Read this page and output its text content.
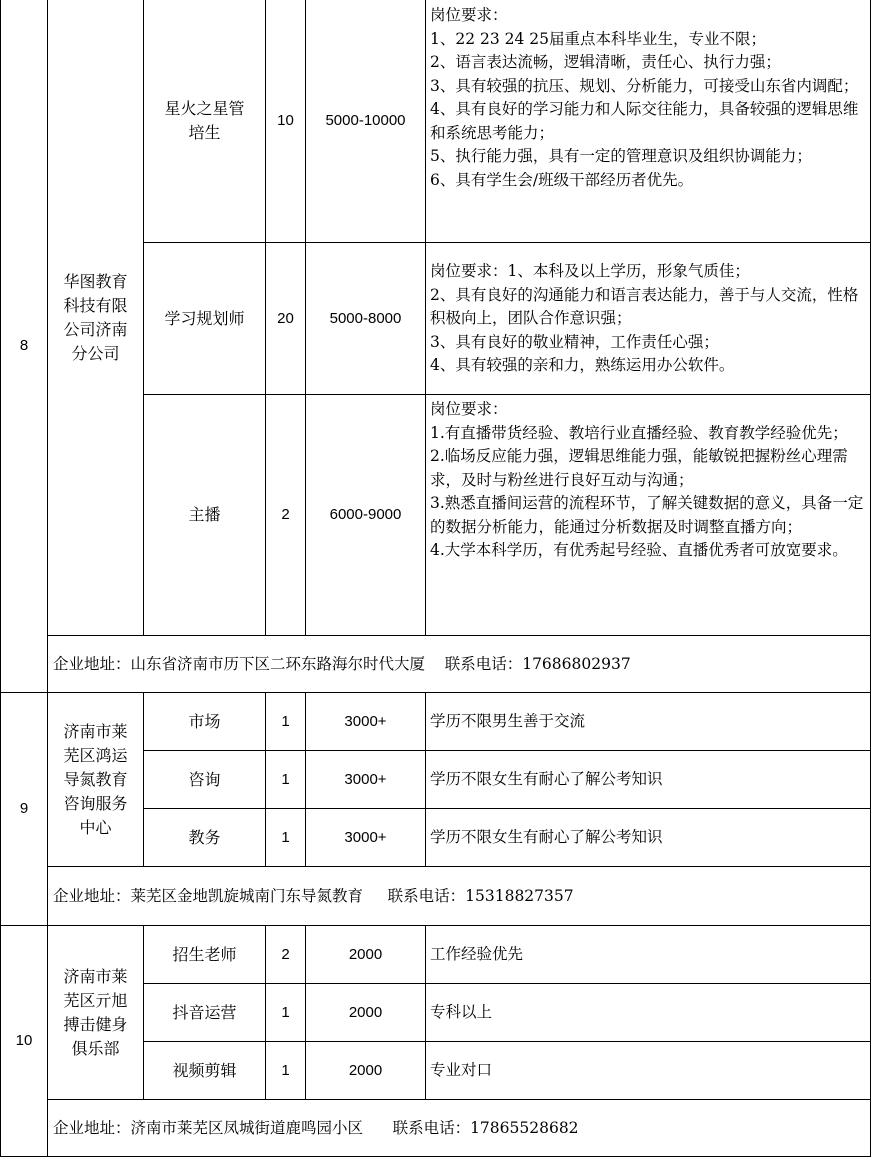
8
华图教育科技有限公司济南分公司
星火之星管培生
10	5000-10000

岗位要求：

1、22 23 24 25届重点本科毕业生，专业不限；

2、语言表达流畅，逻辑清晰，责任心、执行力强；

3、具有较强的抗压、规划、分析能力，可接受山东省内调配；

4、具有良好的学习能力和人际交往能力，具备较强的逻辑思维和系统思考能力；

5、执行能力强，具有一定的管理意识及组织协调能力；

6、具有学生会/班级干部经历者优先。

学习规划师	20	5000-8000

岗位要求：1、本科及以上学历，形象气质佳；

2、具有良好的沟通能力和语言表达能力，善于与人交流，性格积极向上，团队合作意识强；

3、具有良好的敬业精神，工作责任心强；

4、具有较强的亲和力，熟练运用办公软件。

主播	2	6000-9000

岗位要求：

1.有直播带货经验、教培行业直播经验、教育教学经验优先；

2.临场反应能力强，逻辑思维能力强，能敏锐把握粉丝心理需求，及时与粉丝进行良好互动与沟通；

3.熟悉直播间运营的流程环节，了解关键数据的意义，具备一定的数据分析能力，能通过分析数据及时调整直播方向；

4.大学本科学历，有优秀起号经验、直播优秀者可放宽要求。

企业地址：山东省济南市历下区二环东路海尔时代大厦    联系电话：17686802937
9
济南市莱芜区鸿运导氮教育咨询服务中心
市场	1	3000+	学历不限男生善于交流
咨询	1	3000+	学历不限女生有耐心了解公考知识
教务	1	3000+	学历不限女生有耐心了解公考知识
企业地址：莱芜区金地凯旋城南门东导氮教育     联系电话：15318827357
10
济南市莱芜区亓旭搏击健身俱乐部
招生老师	2	2000	工作经验优先
抖音运营	1	2000	专科以上
视频剪辑	1	2000	专业对口
企业地址：济南市莱芜区凤城街道鹿鸣园小区      联系电话：17865528682
